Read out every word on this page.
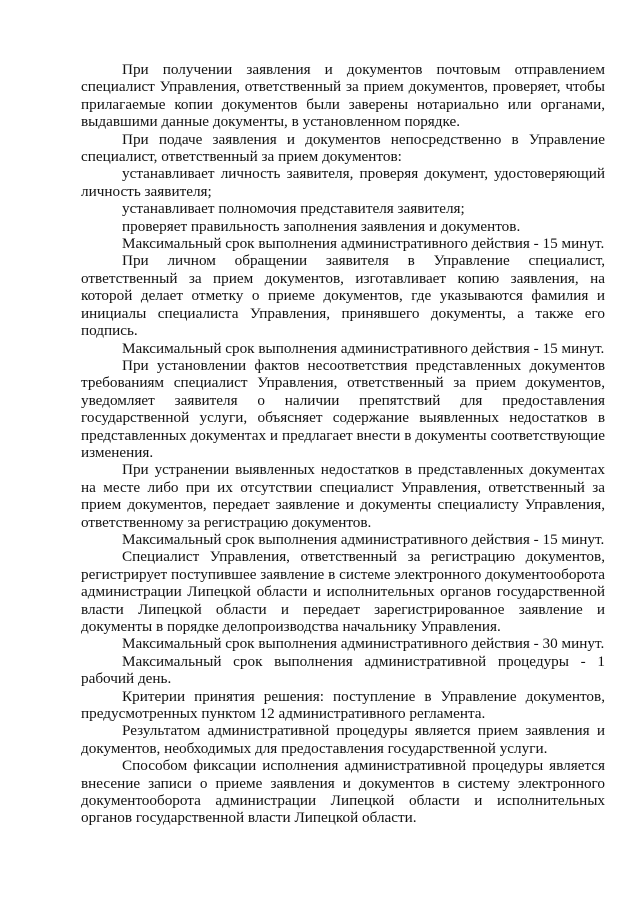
При получении заявления и документов почтовым отправлением специалист Управления, ответственный за прием документов, проверяет, чтобы прилагаемые копии документов были заверены нотариально или органами, выдавшими данные документы, в установленном порядке.

При подаче заявления и документов непосредственно в Управление специалист, ответственный за прием документов:

устанавливает личность заявителя, проверяя документ, удостоверяющий личность заявителя;

устанавливает полномочия представителя заявителя;

проверяет правильность заполнения заявления и документов.

Максимальный срок выполнения административного действия - 15 минут.

При личном обращении заявителя в Управление специалист, ответственный за прием документов, изготавливает копию заявления, на которой делает отметку о приеме документов, где указываются фамилия и инициалы специалиста Управления, принявшего документы, а также его подпись.

Максимальный срок выполнения административного действия - 15 минут.

При установлении фактов несоответствия представленных документов требованиям специалист Управления, ответственный за прием документов, уведомляет заявителя о наличии препятствий для предоставления государственной услуги, объясняет содержание выявленных недостатков в представленных документах и предлагает внести в документы соответствующие изменения.

При устранении выявленных недостатков в представленных документах на месте либо при их отсутствии специалист Управления, ответственный за прием документов, передает заявление и документы специалисту Управления, ответственному за регистрацию документов.

Максимальный срок выполнения административного действия - 15 минут.

Специалист Управления, ответственный за регистрацию документов, регистрирует поступившее заявление в системе электронного документооборота администрации Липецкой области и исполнительных органов государственной власти Липецкой области и передает зарегистрированное заявление и документы в порядке делопроизводства начальнику Управления.

Максимальный срок выполнения административного действия - 30 минут.

Максимальный срок выполнения административной процедуры - 1 рабочий день.

Критерии принятия решения: поступление в Управление документов, предусмотренных пунктом 12 административного регламента.

Результатом административной процедуры является прием заявления и документов, необходимых для предоставления государственной услуги.

Способом фиксации исполнения административной процедуры является внесение записи о приеме заявления и документов в систему электронного документооборота администрации Липецкой области и исполнительных органов государственной власти Липецкой области.
